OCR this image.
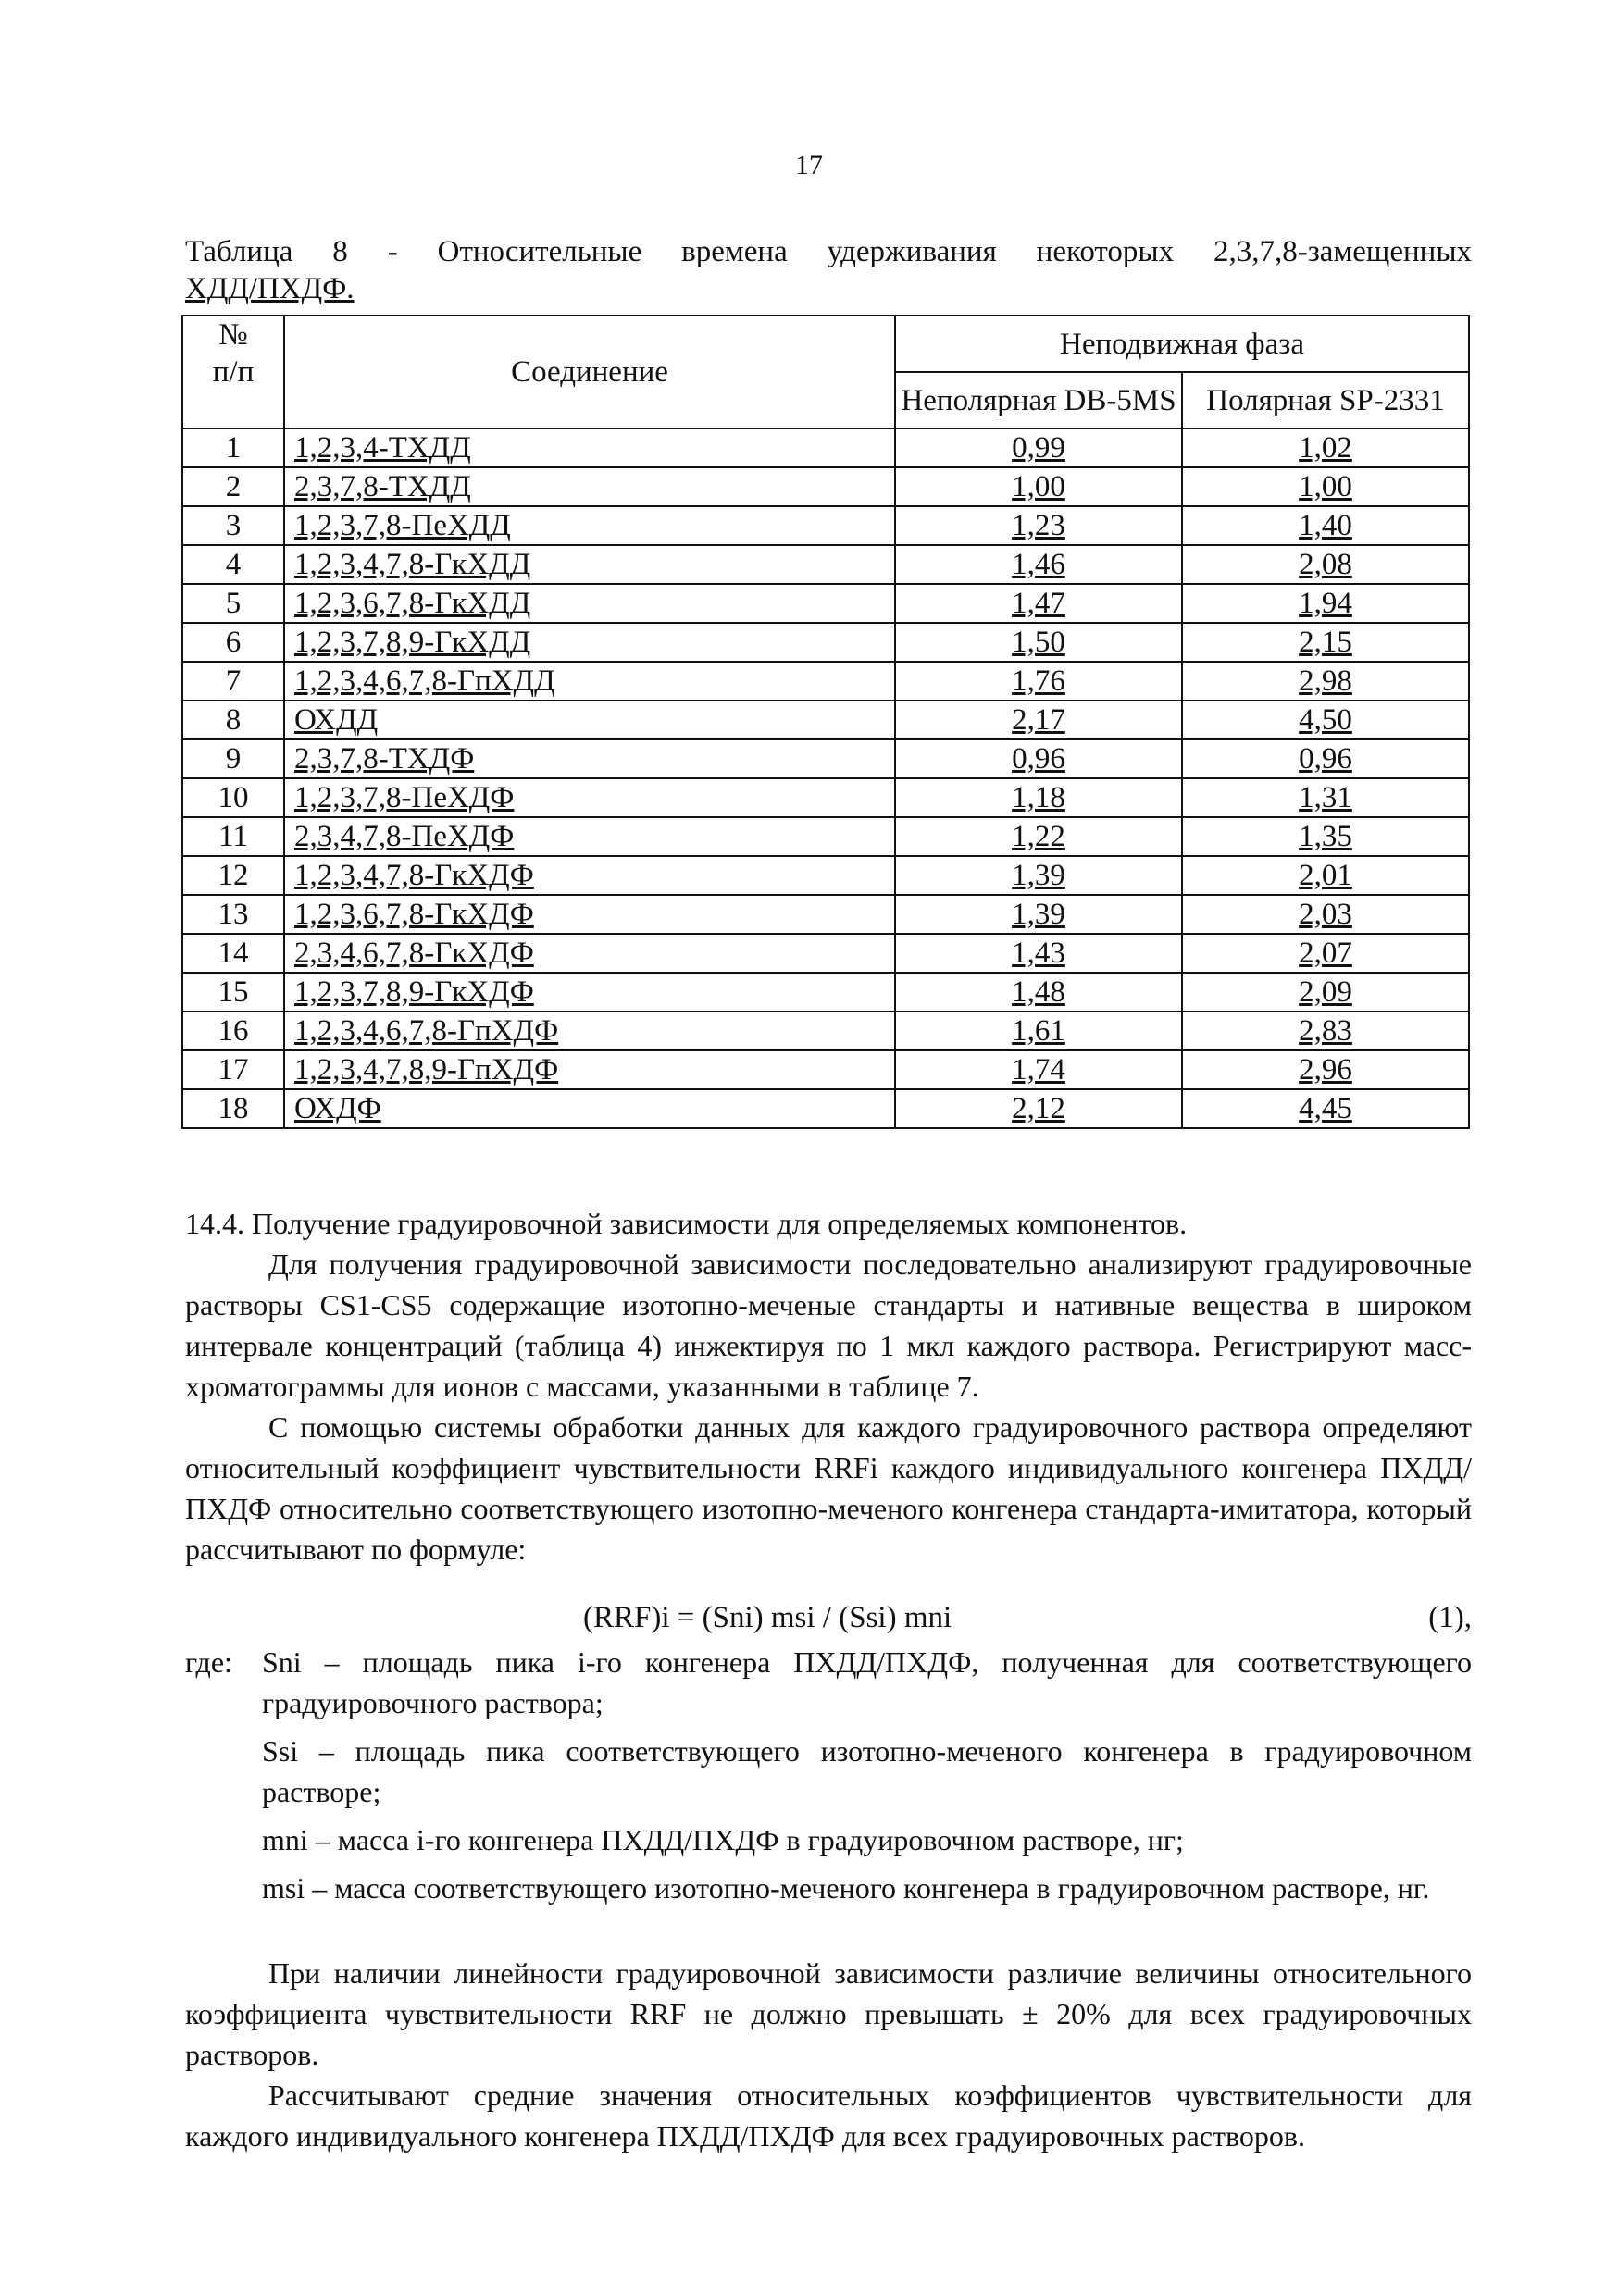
17
Таблица 8 - Относительные времена удерживания некоторых 2,3,7,8-замещенных
ХДД/ПХДФ.
№
п/п	Соединение	Неподвижная фаза	
		Неполярная DB-5MS	Полярная SP-2331
1	1,2,3,4-ТХДД	0,99	1,02
2	2,3,7,8-ТХДД	1,00	1,00
3	1,2,3,7,8-ПеХДД	1,23	1,40
4	1,2,3,4,7,8-ГкХДД	1,46	2,08
5	1,2,3,6,7,8-ГкХДД	1,47	1,94
6	1,2,3,7,8,9-ГкХДД	1,50	2,15
7	1,2,3,4,6,7,8-ГпХДД	1,76	2,98
8	ОХДД	2,17	4,50
9	2,3,7,8-ТХДФ	0,96	0,96
10	1,2,3,7,8-ПеХДФ	1,18	1,31
11	2,3,4,7,8-ПеХДФ	1,22	1,35
12	1,2,3,4,7,8-ГкХДФ	1,39	2,01
13	1,2,3,6,7,8-ГкХДФ	1,39	2,03
14	2,3,4,6,7,8-ГкХДФ	1,43	2,07
15	1,2,3,7,8,9-ГкХДФ	1,48	2,09
16	1,2,3,4,6,7,8-ГпХДФ	1,61	2,83
17	1,2,3,4,7,8,9-ГпХДФ	1,74	2,96
18	ОХДФ	2,12	4,45
14.4. Получение градуировочной зависимости для определяемых компонентов.
Для получения градуировочной зависимости последовательно анализируют градуировочные растворы CS1-CS5 содержащие изотопно-меченые стандарты и нативные вещества в широком интервале концентраций (таблица 4) инжектируя по 1 мкл каждого раствора. Регистрируют масс-хроматограммы для ионов с массами, указанными в таблице 7.
С помощью системы обработки данных для каждого градуировочного раствора определяют относительный коэффициент чувствительности RRFi каждого индивидуального конгенера ПХДД/ПХДФ относительно соответствующего изотопно-меченого конгенера стандарта-имитатора, который рассчитывают по формуле:
(RRF)i = (Sni) msi / (Ssi) mni	(1),
где: Sni – площадь пика i-го конгенера ПХДД/ПХДФ, полученная для соответствующего градуировочного раствора;
Ssi – площадь пика соответствующего изотопно-меченого конгенера в градуировочном растворе;
mni – масса i-го конгенера ПХДД/ПХДФ в градуировочном растворе, нг;
msi – масса соответствующего изотопно-меченого конгенера в градуировочном растворе, нг.
При наличии линейности градуировочной зависимости различие величины относительного коэффициента чувствительности RRF не должно превышать ± 20% для всех градуировочных растворов.
Рассчитывают средние значения относительных коэффициентов чувствительности для каждого индивидуального конгенера ПХДД/ПХДФ для всех градуировочных растворов.
